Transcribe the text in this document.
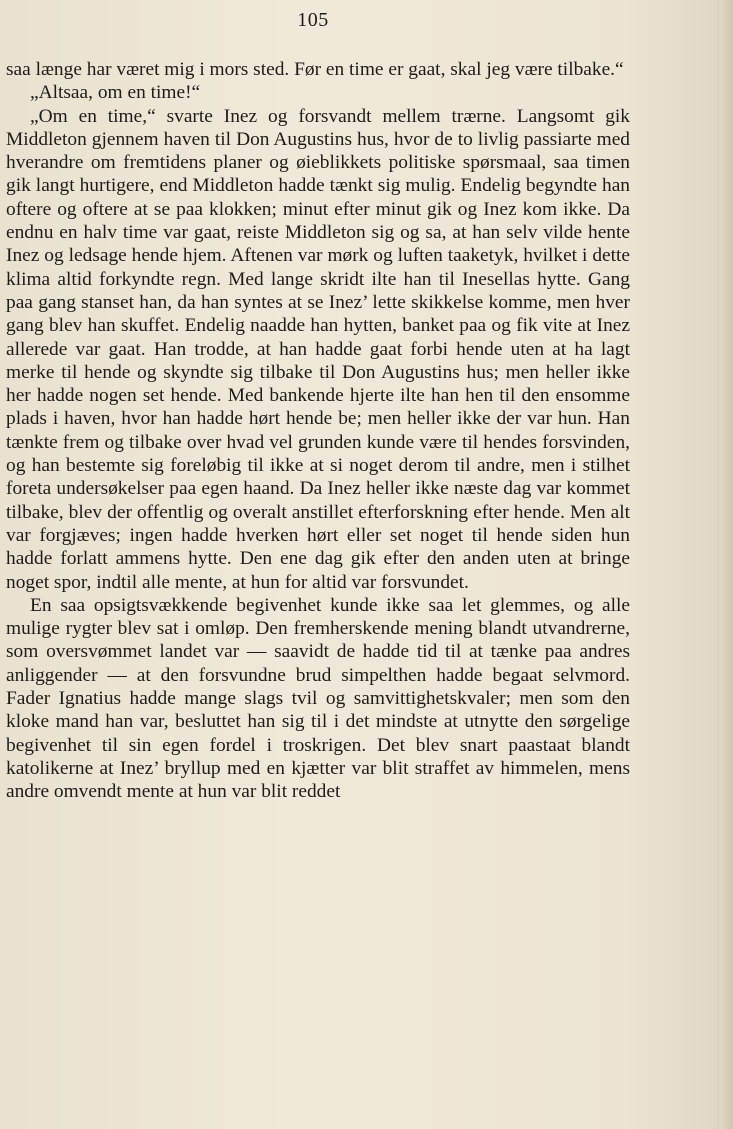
105

saa længe har været mig i mors sted. Før en time er gaat, skal jeg være tilbake.“

„Altsaa, om en time!“

„Om en time,“ svarte Inez og forsvandt mellem trærne. Langsomt gik Middleton gjennem haven til Don Augustins hus, hvor de to livlig passiarte med hverandre om fremtidens planer og øieblikkets politiske spørsmaal, saa timen gik langt hurtigere, end Middleton hadde tænkt sig mulig. Endelig begyndte han oftere og oftere at se paa klokken; minut efter minut gik og Inez kom ikke. Da endnu en halv time var gaat, reiste Middleton sig og sa, at han selv vilde hente Inez og ledsage hende hjem. Aftenen var mørk og luften taaketyk, hvilket i dette klima altid forkyndte regn. Med lange skridt ilte han til Inesellas hytte. Gang paa gang stanset han, da han syntes at se Inez’ lette skikkelse komme, men hver gang blev han skuffet. Endelig naadde han hytten, banket paa og fik vite at Inez allerede var gaat. Han trodde, at han hadde gaat forbi hende uten at ha lagt merke til hende og skyndte sig tilbake til Don Augustins hus; men heller ikke her hadde nogen set hende. Med bankende hjerte ilte han hen til den ensomme plads i haven, hvor han hadde hørt hende be; men heller ikke der var hun. Han tænkte frem og tilbake over hvad vel grunden kunde være til hendes forsvinden, og han bestemte sig foreløbig til ikke at si noget derom til andre, men i stilhet foreta undersøkelser paa egen haand. Da Inez heller ikke næste dag var kommet tilbake, blev der offentlig og overalt anstillet efterforskning efter hende. Men alt var forgjæves; ingen hadde hverken hørt eller set noget til hende siden hun hadde forlatt ammens hytte. Den ene dag gik efter den anden uten at bringe noget spor, indtil alle mente, at hun for altid var forsvundet.

En saa opsigtsvækkende begivenhet kunde ikke saa let glemmes, og alle mulige rygter blev sat i omløp. Den fremherskende mening blandt utvandrerne, som oversvømmet landet var — saavidt de hadde tid til at tænke paa andres anliggender — at den forsvundne brud simpelthen hadde begaat selvmord. Fader Ignatius hadde mange slags tvil og samvittighetskvaler; men som den kloke mand han var, besluttet han sig til i det mindste at utnytte den sørgelige begivenhet til sin egen fordel i troskrigen. Det blev snart paastaat blandt katolikerne at Inez’ bryllup med en kjætter var blit straffet av himmelen, mens andre omvendt mente at hun var blit reddet
